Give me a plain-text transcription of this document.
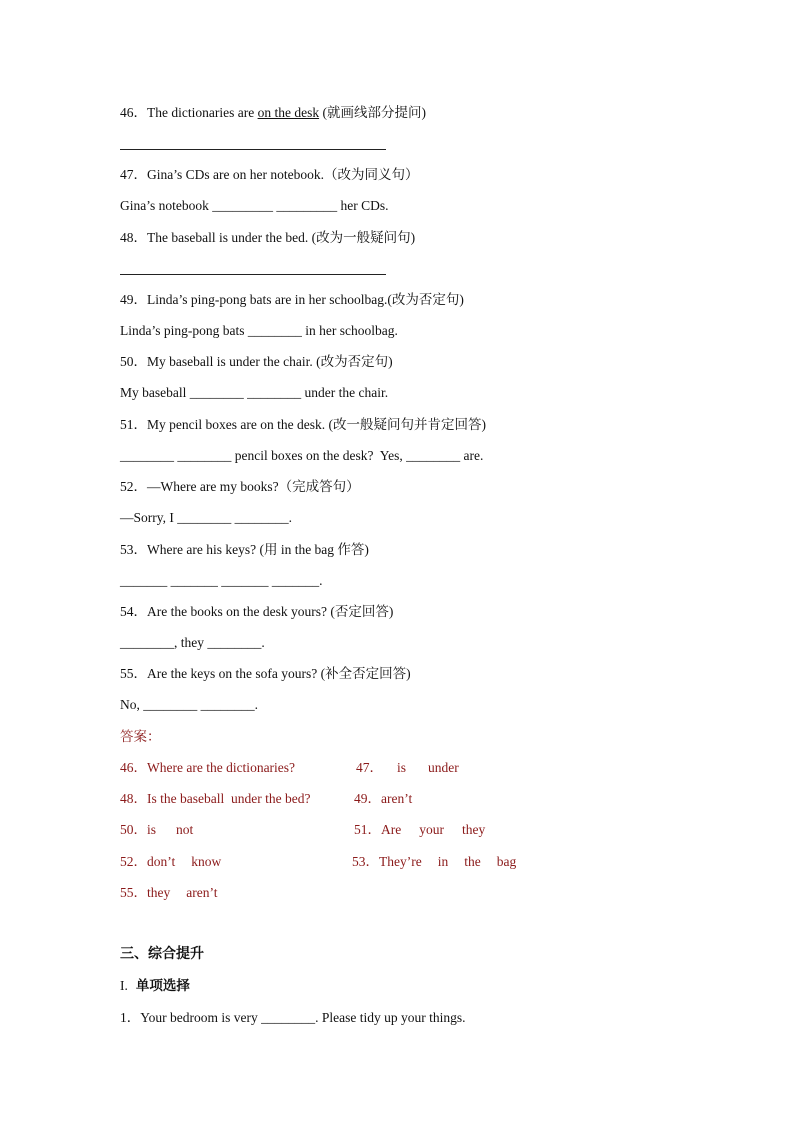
46．The dictionaries are on the desk (就画线部分提问)
47．Gina’s CDs are on her notebook.（改为同义句）
Gina’s notebook _________ _________ her CDs.
48．The baseball is under the bed. (改为一般疑问句)
49．Linda’s ping-pong bats are in her schoolbag.(改为否定句)
Linda’s ping-pong bats ________ in her schoolbag.
50．My baseball is under the chair. (改为否定句)
My baseball ________ ________ under the chair.
51．My pencil boxes are on the desk. (改一般疑问句并肯定回答)
________ ________ pencil boxes on the desk?  Yes, ________ are.
52．—Where are my books?（完成答句）
—Sorry, I ________ ________.
53．Where are his keys? (用 in the bag 作答)
_______ _______ _______ _______.
54．Are the books on the desk yours? (否定回答)
________, they ________.
55．Are the keys on the sofa yours? (补全否定回答)
No, ________ ________.
答案：
46．Where are the dictionaries?	47． is under
48．Is the baseball  under the bed?	49．aren’t
50．is not	51．Are your they
52．don’t know	53．They’re in the bag
55．they aren’t
三、综合提升
I. 单项选择
1．Your bedroom is very ________. Please tidy up your things.
